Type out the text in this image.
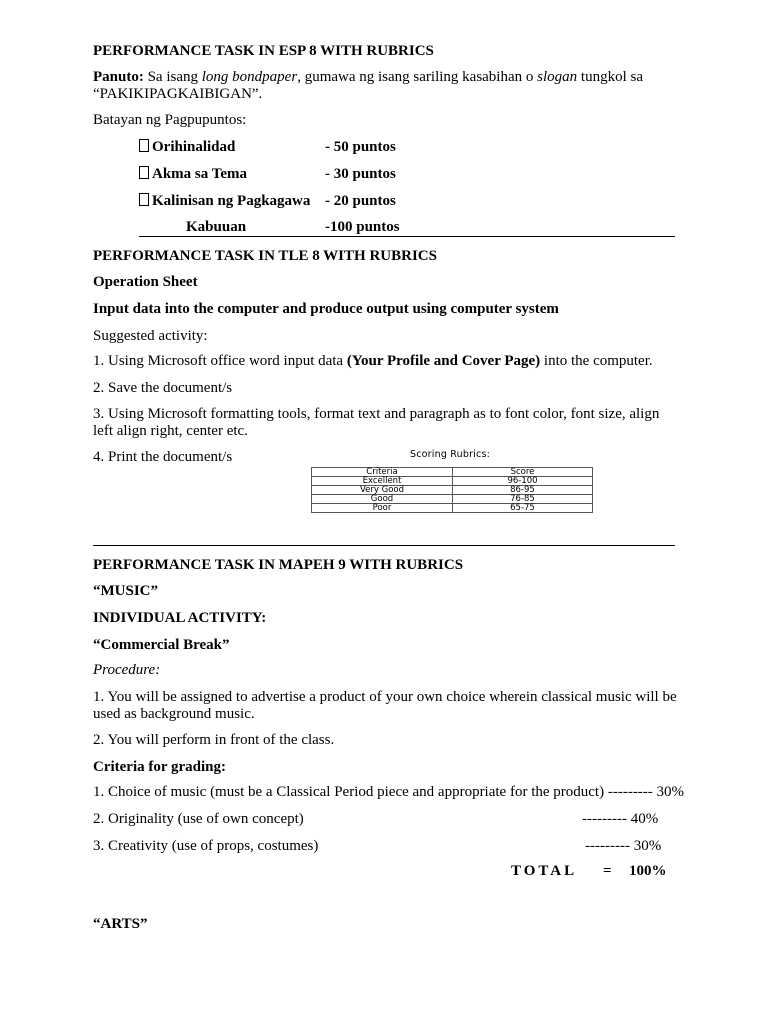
PERFORMANCE TASK IN ESP 8 WITH RUBRICS
Panuto: Sa isang long bondpaper, gumawa ng isang sariling kasabihan o slogan tungkol sa “PAKIKIPAGKAIBIGAN”.
Batayan ng Pagpupuntos:
Orihinalidad	- 50 puntos
Akma sa Tema	- 30 puntos
Kalinisan ng Pagkagawa - 20 puntos
Kabuuan	-100 puntos
PERFORMANCE TASK IN TLE 8 WITH RUBRICS
Operation Sheet
Input data into the computer and produce output using computer system
Suggested activity:
1. Using Microsoft office word input data (Your Profile and Cover Page) into the computer.
2. Save the document/s
3. Using Microsoft formatting tools, format text and paragraph as to font color, font size, align left align right, center etc.
4. Print the document/s	Scoring Rubrics:
Criteria	Score
Excellent	96-100
Very Good	86-95
Good	76-85
Poor	65-75
PERFORMANCE TASK IN MAPEH 9 WITH RUBRICS
“MUSIC”
INDIVIDUAL ACTIVITY:
“Commercial Break”
Procedure:
1. You will be assigned to advertise a product of your own choice wherein classical music will be used as background music.
2. You will perform in front of the class.
Criteria for grading:
1. Choice of music (must be a Classical Period piece and appropriate for the product) --------- 30%
2. Originality (use of own concept)	--------- 40%
3. Creativity (use of props, costumes)	--------- 30%
TOTAL = 100%
“ARTS”
